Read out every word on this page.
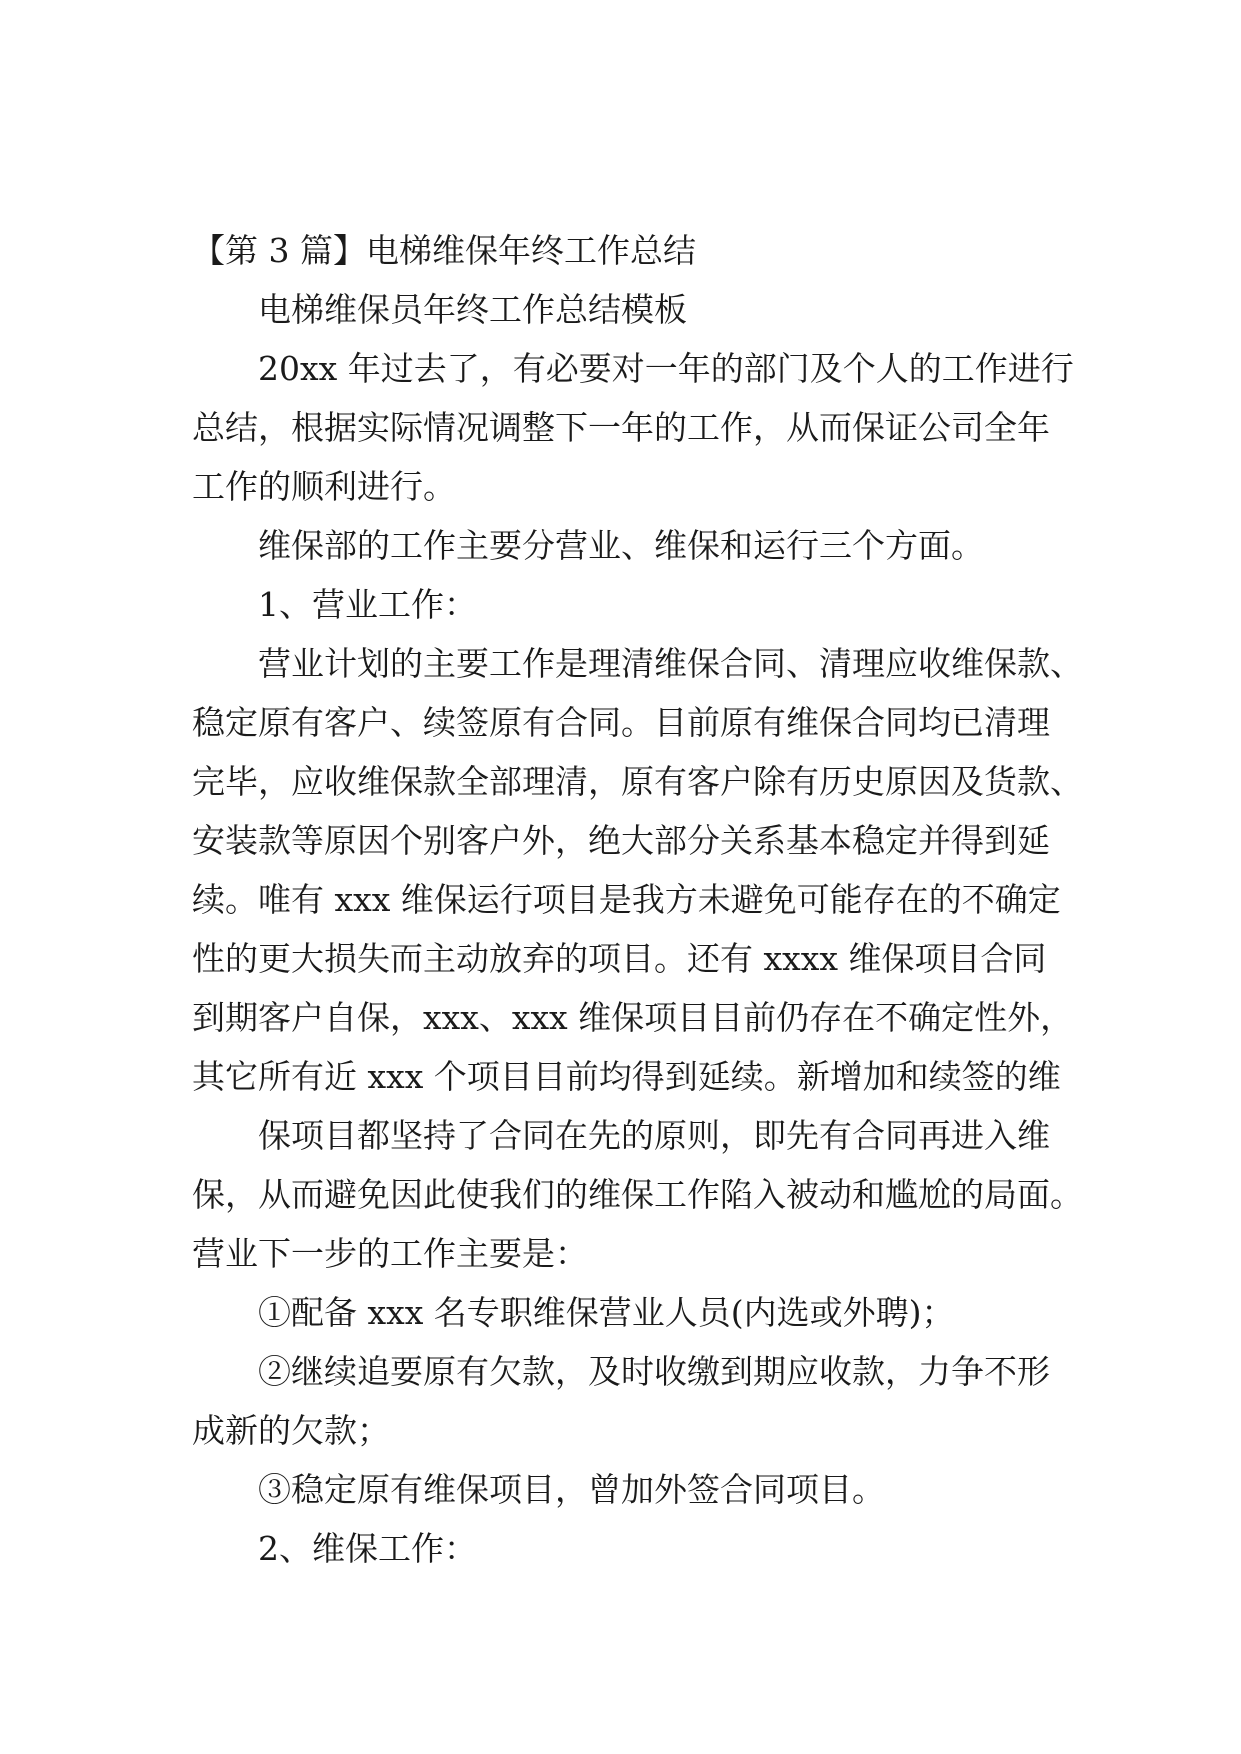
【第 3 篇】电梯维保年终工作总结
电梯维保员年终工作总结模板
20xx 年过去了，有必要对一年的部门及个人的工作进行
总结，根据实际情况调整下一年的工作，从而保证公司全年
工作的顺利进行。
维保部的工作主要分营业、维保和运行三个方面。
1、营业工作：
营业计划的主要工作是理清维保合同、清理应收维保款、
稳定原有客户、续签原有合同。目前原有维保合同均已清理
完毕，应收维保款全部理清，原有客户除有历史原因及货款、
安装款等原因个别客户外，绝大部分关系基本稳定并得到延
续。唯有 xxx 维保运行项目是我方未避免可能存在的不确定
性的更大损失而主动放弃的项目。还有 xxxx 维保项目合同
到期客户自保，xxx、xxx 维保项目目前仍存在不确定性外，
其它所有近 xxx 个项目目前均得到延续。新增加和续签的维
保项目都坚持了合同在先的原则，即先有合同再进入维
保，从而避免因此使我们的维保工作陷入被动和尴尬的局面。
营业下一步的工作主要是：
①配备 xxx 名专职维保营业人员(内选或外聘)；
②继续追要原有欠款，及时收缴到期应收款，力争不形
成新的欠款；
③稳定原有维保项目，曾加外签合同项目。
2、维保工作：
